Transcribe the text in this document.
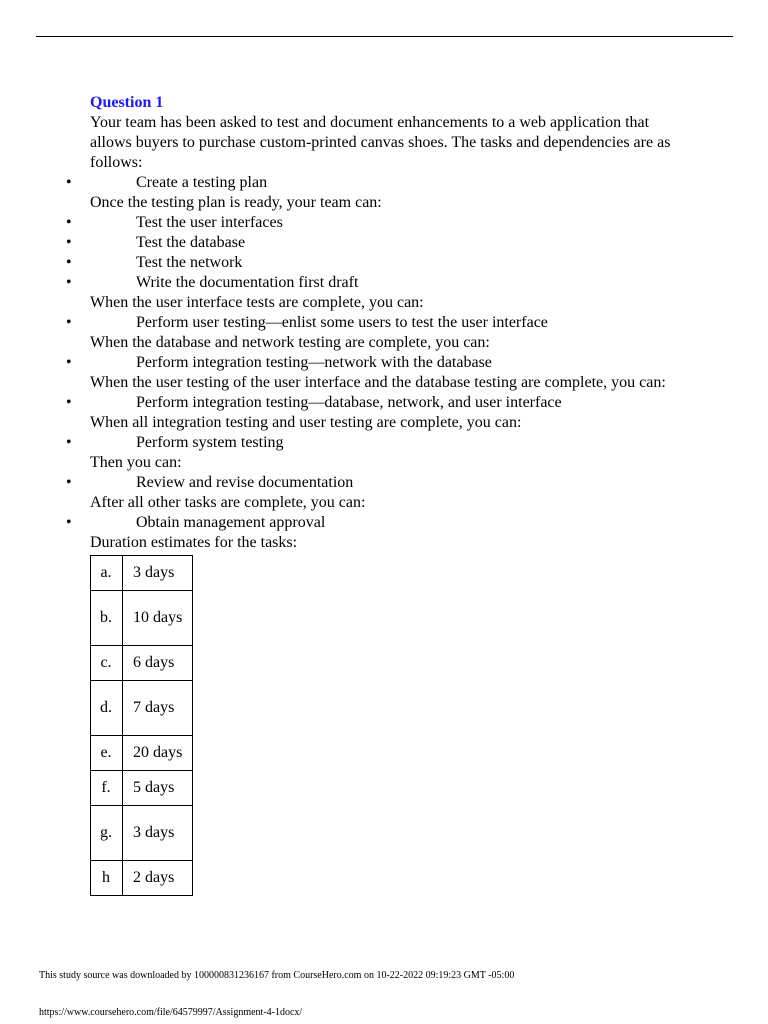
Question 1

Your team has been asked to test and document enhancements to a web application that allows buyers to purchase custom-printed canvas shoes. The tasks and dependencies are as follows:

•	Create a testing plan
Once the testing plan is ready, your team can:
•	Test the user interfaces
•	Test the database
•	Test the network
•	Write the documentation first draft
When the user interface tests are complete, you can:
•	Perform user testing—enlist some users to test the user interface
When the database and network testing are complete, you can:
•	Perform integration testing—network with the database
When the user testing of the user interface and the database testing are complete, you can:
•	Perform integration testing—database, network, and user interface
When all integration testing and user testing are complete, you can:
•	Perform system testing
Then you can:
•	Review and revise documentation
After all other tasks are complete, you can:
•	Obtain management approval
Duration estimates for the tasks:
a.	3 days
b.	10 days
c.	6 days
d.	7 days
e.	20 days
f.	5 days
g.	3 days
h	2 days
This study source was downloaded by 100000831236167 from CourseHero.com on 10-22-2022 09:19:23 GMT -05:00
https://www.coursehero.com/file/64579997/Assignment-4-1docx/
